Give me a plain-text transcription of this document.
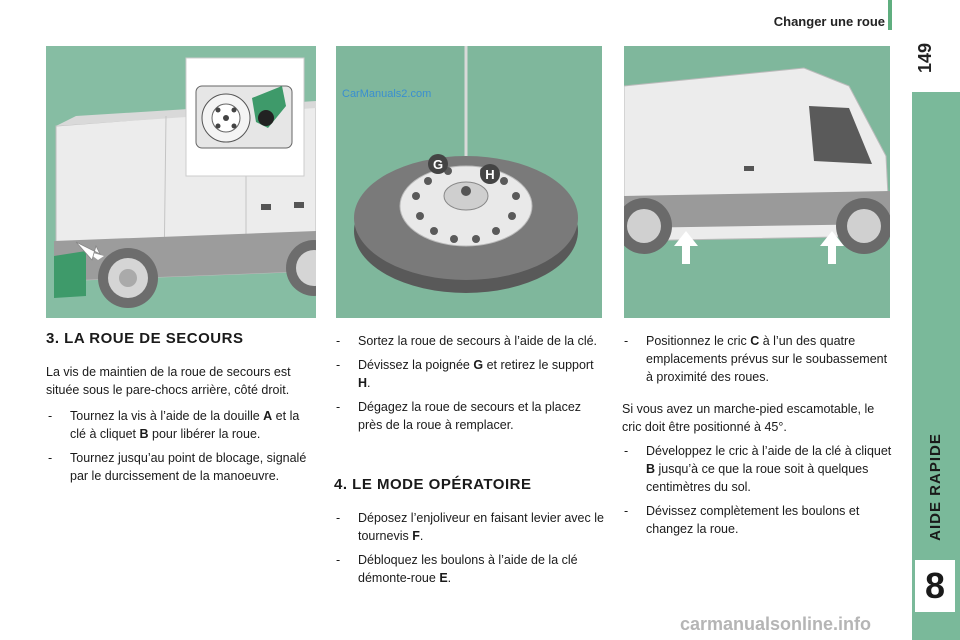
Changer une roue
149
AIDE RAPIDE
8
G
H
CarManuals2.com
carmanualsonline.info
3. LA ROUE DE SECOURS
La vis de maintien de la roue de secours est située sous le pare-chocs arrière, côté droit.
- Tournez la vis à l’aide de la douille A et la clé à cliquet B pour libérer la roue.
- Tournez jusqu’au point de blocage, signalé par le durcissement de la manoeuvre.
- Sortez la roue de secours à l’aide de la clé.
- Dévissez la poignée G et retirez le support H.
- Dégagez la roue de secours et la placez près de la roue à remplacer.
4. LE MODE OPÉRATOIRE
- Déposez l’enjoliveur en faisant levier avec le tournevis F.
- Débloquez les boulons à l’aide de la clé démonte-roue E.
- Positionnez le cric C à l’un des quatre emplacements prévus sur le soubassement à proximité des roues.
Si vous avez un marche-pied escamotable, le cric doit être positionné à 45°.
- Développez le cric à l’aide de la clé à cliquet B jusqu’à ce que la roue soit à quelques centimètres du sol.
- Dévissez complètement les boulons et changez la roue.
